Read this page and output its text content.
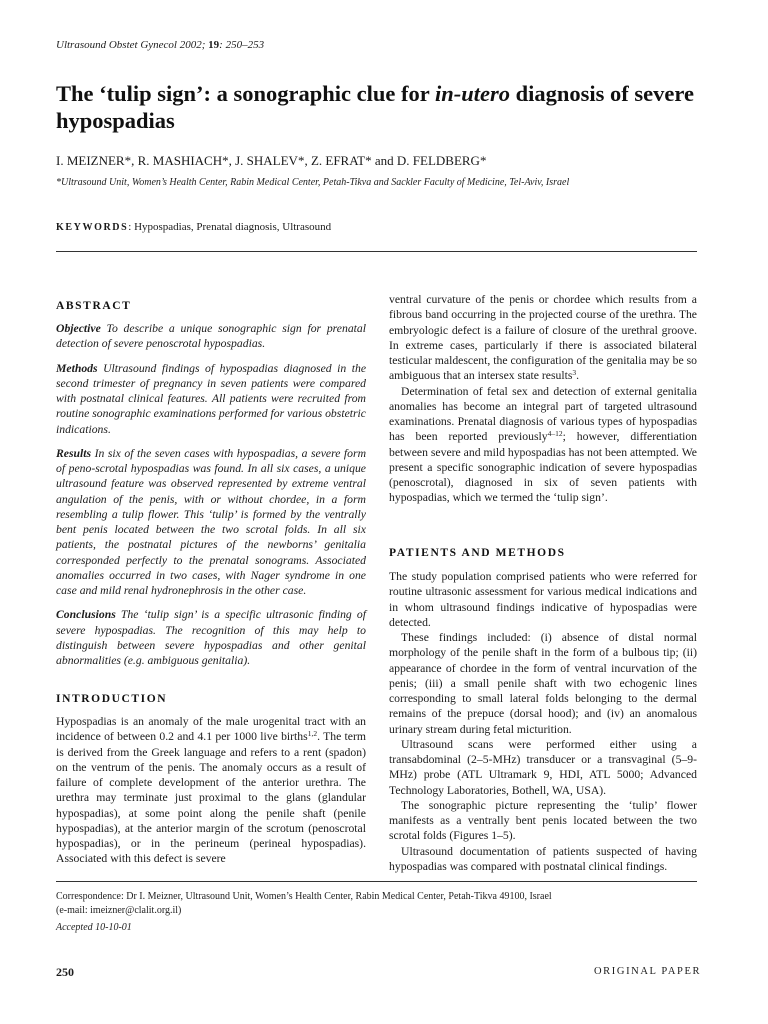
Ultrasound Obstet Gynecol 2002; 19: 250–253
The ‘tulip sign’: a sonographic clue for in-utero diagnosis of severe hypospadias
I. MEIZNER*, R. MASHIACH*, J. SHALEV*, Z. EFRAT* and D. FELDBERG*
*Ultrasound Unit, Women’s Health Center, Rabin Medical Center, Petah-Tikva and Sackler Faculty of Medicine, Tel-Aviv, Israel
KEYWORDS: Hypospadias, Prenatal diagnosis, Ultrasound
ABSTRACT

Objective To describe a unique sonographic sign for prenatal detection of severe penoscrotal hypospadias.

Methods Ultrasound findings of hypospadias diagnosed in the second trimester of pregnancy in seven patients were compared with postnatal clinical features. All patients were recruited from routine sonographic examinations performed for various obstetric indications.

Results In six of the seven cases with hypospadias, a severe form of peno-scrotal hypospadias was found. In all six cases, a unique ultrasound feature was observed represented by extreme ventral angulation of the penis, with or without chordee, in a form resembling a tulip flower. This ‘tulip’ is formed by the ventrally bent penis located between the two scrotal folds. In all six patients, the postnatal pictures of the newborns’ genitalia corresponded perfectly to the prenatal sonograms. Associated anomalies occurred in two cases, with Nager syndrome in one case and mild renal hydronephrosis in the other case.

Conclusions The ‘tulip sign’ is a specific ultrasonic finding of severe hypospadias. The recognition of this may help to distinguish between severe hypospadias and other genital abnormalities (e.g. ambiguous genitalia).

INTRODUCTION

Hypospadias is an anomaly of the male urogenital tract with an incidence of between 0.2 and 4.1 per 1000 live births$^{1,2}$. The term is derived from the Greek language and refers to a rent (spadon) on the ventrum of the penis. The anomaly occurs as a result of failure of complete development of the anterior urethra. The urethra may terminate just proximal to the glans (glandular hypospadias), at some point along the penile shaft (penile hypospadias), at the anterior margin of the scrotum (penoscrotal hypospadias), or in the perineum (perineal hypospadias). Associated with this defect is severe

ventral curvature of the penis or chordee which results from a fibrous band occurring in the projected course of the urethra. The embryologic defect is a failure of closure of the urethral groove. In extreme cases, particularly if there is associated bilateral testicular maldescent, the configuration of the genitalia may be so ambiguous that an intersex state results$^3$.

Determination of fetal sex and detection of external genitalia anomalies has become an integral part of targeted ultrasound examinations. Prenatal diagnosis of various types of hypospadias has been reported previously$^{4-12}$; however, differentiation between severe and mild hypospadias has not been attempted. We present a specific sonographic indication of severe hypospadias (penoscrotal), diagnosed in six of seven patients with hypospadias, which we termed the ‘tulip sign’.

PATIENTS AND METHODS

The study population comprised patients who were referred for routine ultrasonic assessment for various medical indications and in whom ultrasound findings indicative of hypospadias were detected.

These findings included: (i) absence of distal normal morphology of the penile shaft in the form of a bulbous tip; (ii) appearance of chordee in the form of ventral incurvation of the penis; (iii) a small penile shaft with two echogenic lines corresponding to small lateral folds belonging to the dermal remains of the prepuce (dorsal hood); and (iv) an anomalous urinary stream during fetal micturition.

Ultrasound scans were performed either using a transabdominal (2–5-MHz) transducer or a transvaginal (5–9-MHz) probe (ATL Ultramark 9, HDI, ATL 5000; Advanced Technology Laboratories, Bothell, WA, USA).

The sonographic picture representing the ‘tulip’ flower manifests as a ventrally bent penis located between the two scrotal folds (Figures 1–5).

Ultrasound documentation of patients suspected of having hypospadias was compared with postnatal clinical findings.

Correspondence: Dr I. Meizner, Ultrasound Unit, Women’s Health Center, Rabin Medical Center, Petah-Tikva 49100, Israel
(e-mail: imeizner@clalit.org.il)
Accepted 10-10-01
250	ORIGINAL PAPER
